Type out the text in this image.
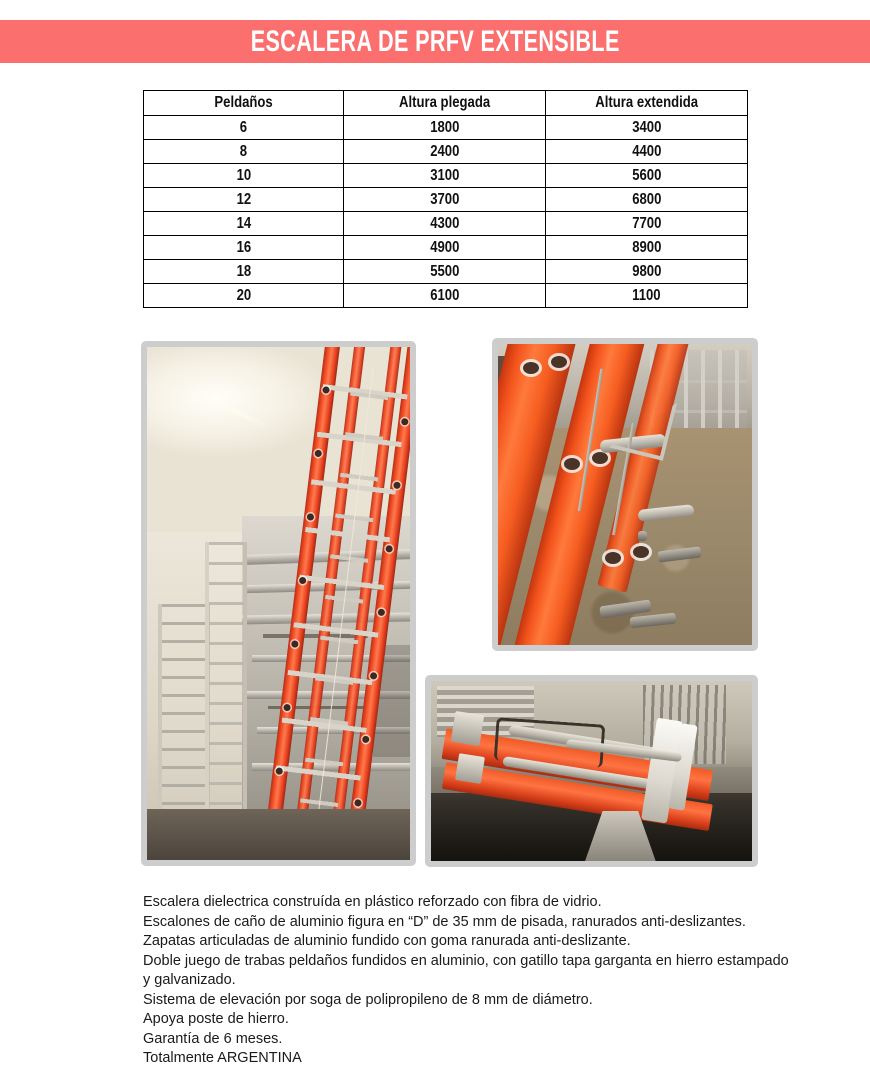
ESCALERA DE PRFV EXTENSIBLE
Peldaños	Altura plegada	Altura extendida
6	1800	3400
8	2400	4400
10	3100	5600
12	3700	6800
14	4300	7700
16	4900	8900
18	5500	9800
20	6100	1100

Escalera dielectrica construída en plástico reforzado con fibra de vidrio.

Escalones de caño de aluminio figura en “D” de 35 mm de pisada, ranurados anti-deslizantes.

Zapatas articuladas de aluminio fundido con goma ranurada anti-deslizante.

Doble juego de trabas peldaños fundidos en aluminio, con gatillo tapa garganta en hierro estampado

y galvanizado.

Sistema de elevación por soga de polipropileno de 8 mm de diámetro.

Apoya poste de hierro.

Garantía de 6 meses.

Totalmente ARGENTINA
